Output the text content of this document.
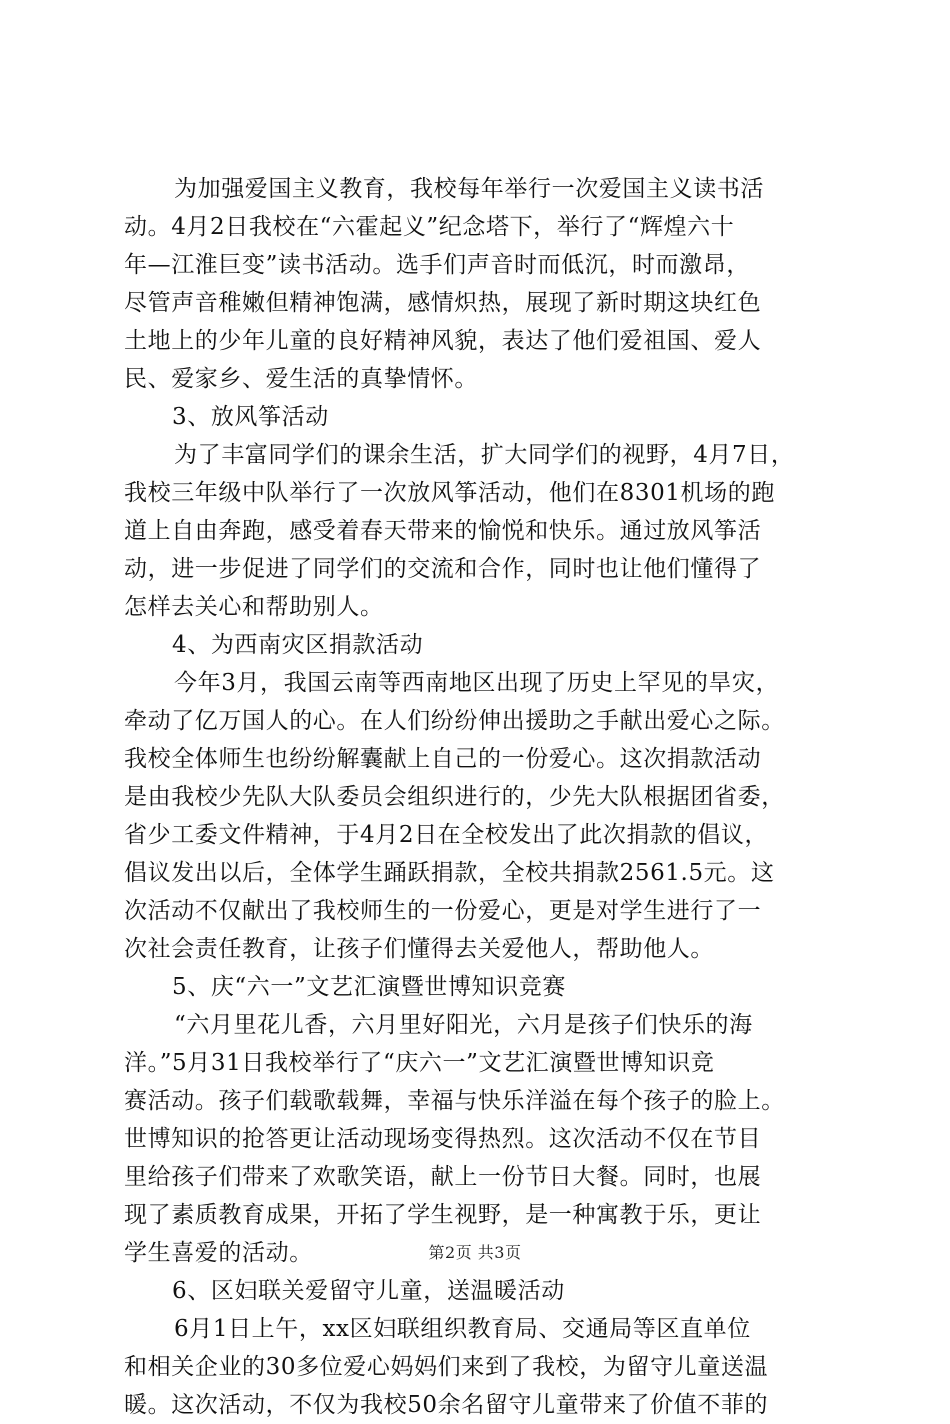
为加强爱国主义教育，我校每年举行一次爱国主义读书活
动。4月2日我校在“六霍起义”纪念塔下，举行了“辉煌六十
年—江淮巨变”读书活动。选手们声音时而低沉，时而激昂，
尽管声音稚嫩但精神饱满，感情炽热，展现了新时期这块红色
土地上的少年儿童的良好精神风貌，表达了他们爱祖国、爱人
民、爱家乡、爱生活的真挚情怀。
3、放风筝活动
为了丰富同学们的课余生活，扩大同学们的视野，4月7日，
我校三年级中队举行了一次放风筝活动，他们在8301机场的跑
道上自由奔跑，感受着春天带来的愉悦和快乐。通过放风筝活
动，进一步促进了同学们的交流和合作，同时也让他们懂得了
怎样去关心和帮助别人。
4、为西南灾区捐款活动
今年3月，我国云南等西南地区出现了历史上罕见的旱灾，
牵动了亿万国人的心。在人们纷纷伸出援助之手献出爱心之际。
我校全体师生也纷纷解囊献上自己的一份爱心。这次捐款活动
是由我校少先队大队委员会组织进行的，少先大队根据团省委，
省少工委文件精神，于4月2日在全校发出了此次捐款的倡议，
倡议发出以后，全体学生踊跃捐款，全校共捐款2561.5元。这
次活动不仅献出了我校师生的一份爱心，更是对学生进行了一
次社会责任教育，让孩子们懂得去关爱他人，帮助他人。
5、庆“六一”文艺汇演暨世博知识竞赛
“六月里花儿香，六月里好阳光，六月是孩子们快乐的海
洋。”5月31日我校举行了“庆六一”文艺汇演暨世博知识竞
赛活动。孩子们载歌载舞，幸福与快乐洋溢在每个孩子的脸上。
世博知识的抢答更让活动现场变得热烈。这次活动不仅在节目
里给孩子们带来了欢歌笑语，献上一份节日大餐。同时，也展
现了素质教育成果，开拓了学生视野，是一种寓教于乐，更让
学生喜爱的活动。
6、区妇联关爱留守儿童，送温暖活动
6月1日上午，xx区妇联组织教育局、交通局等区直单位
和相关企业的30多位爱心妈妈们来到了我校，为留守儿童送温
暖。这次活动，不仅为我校50余名留守儿童带来了价值不菲的
第2页 共3页
